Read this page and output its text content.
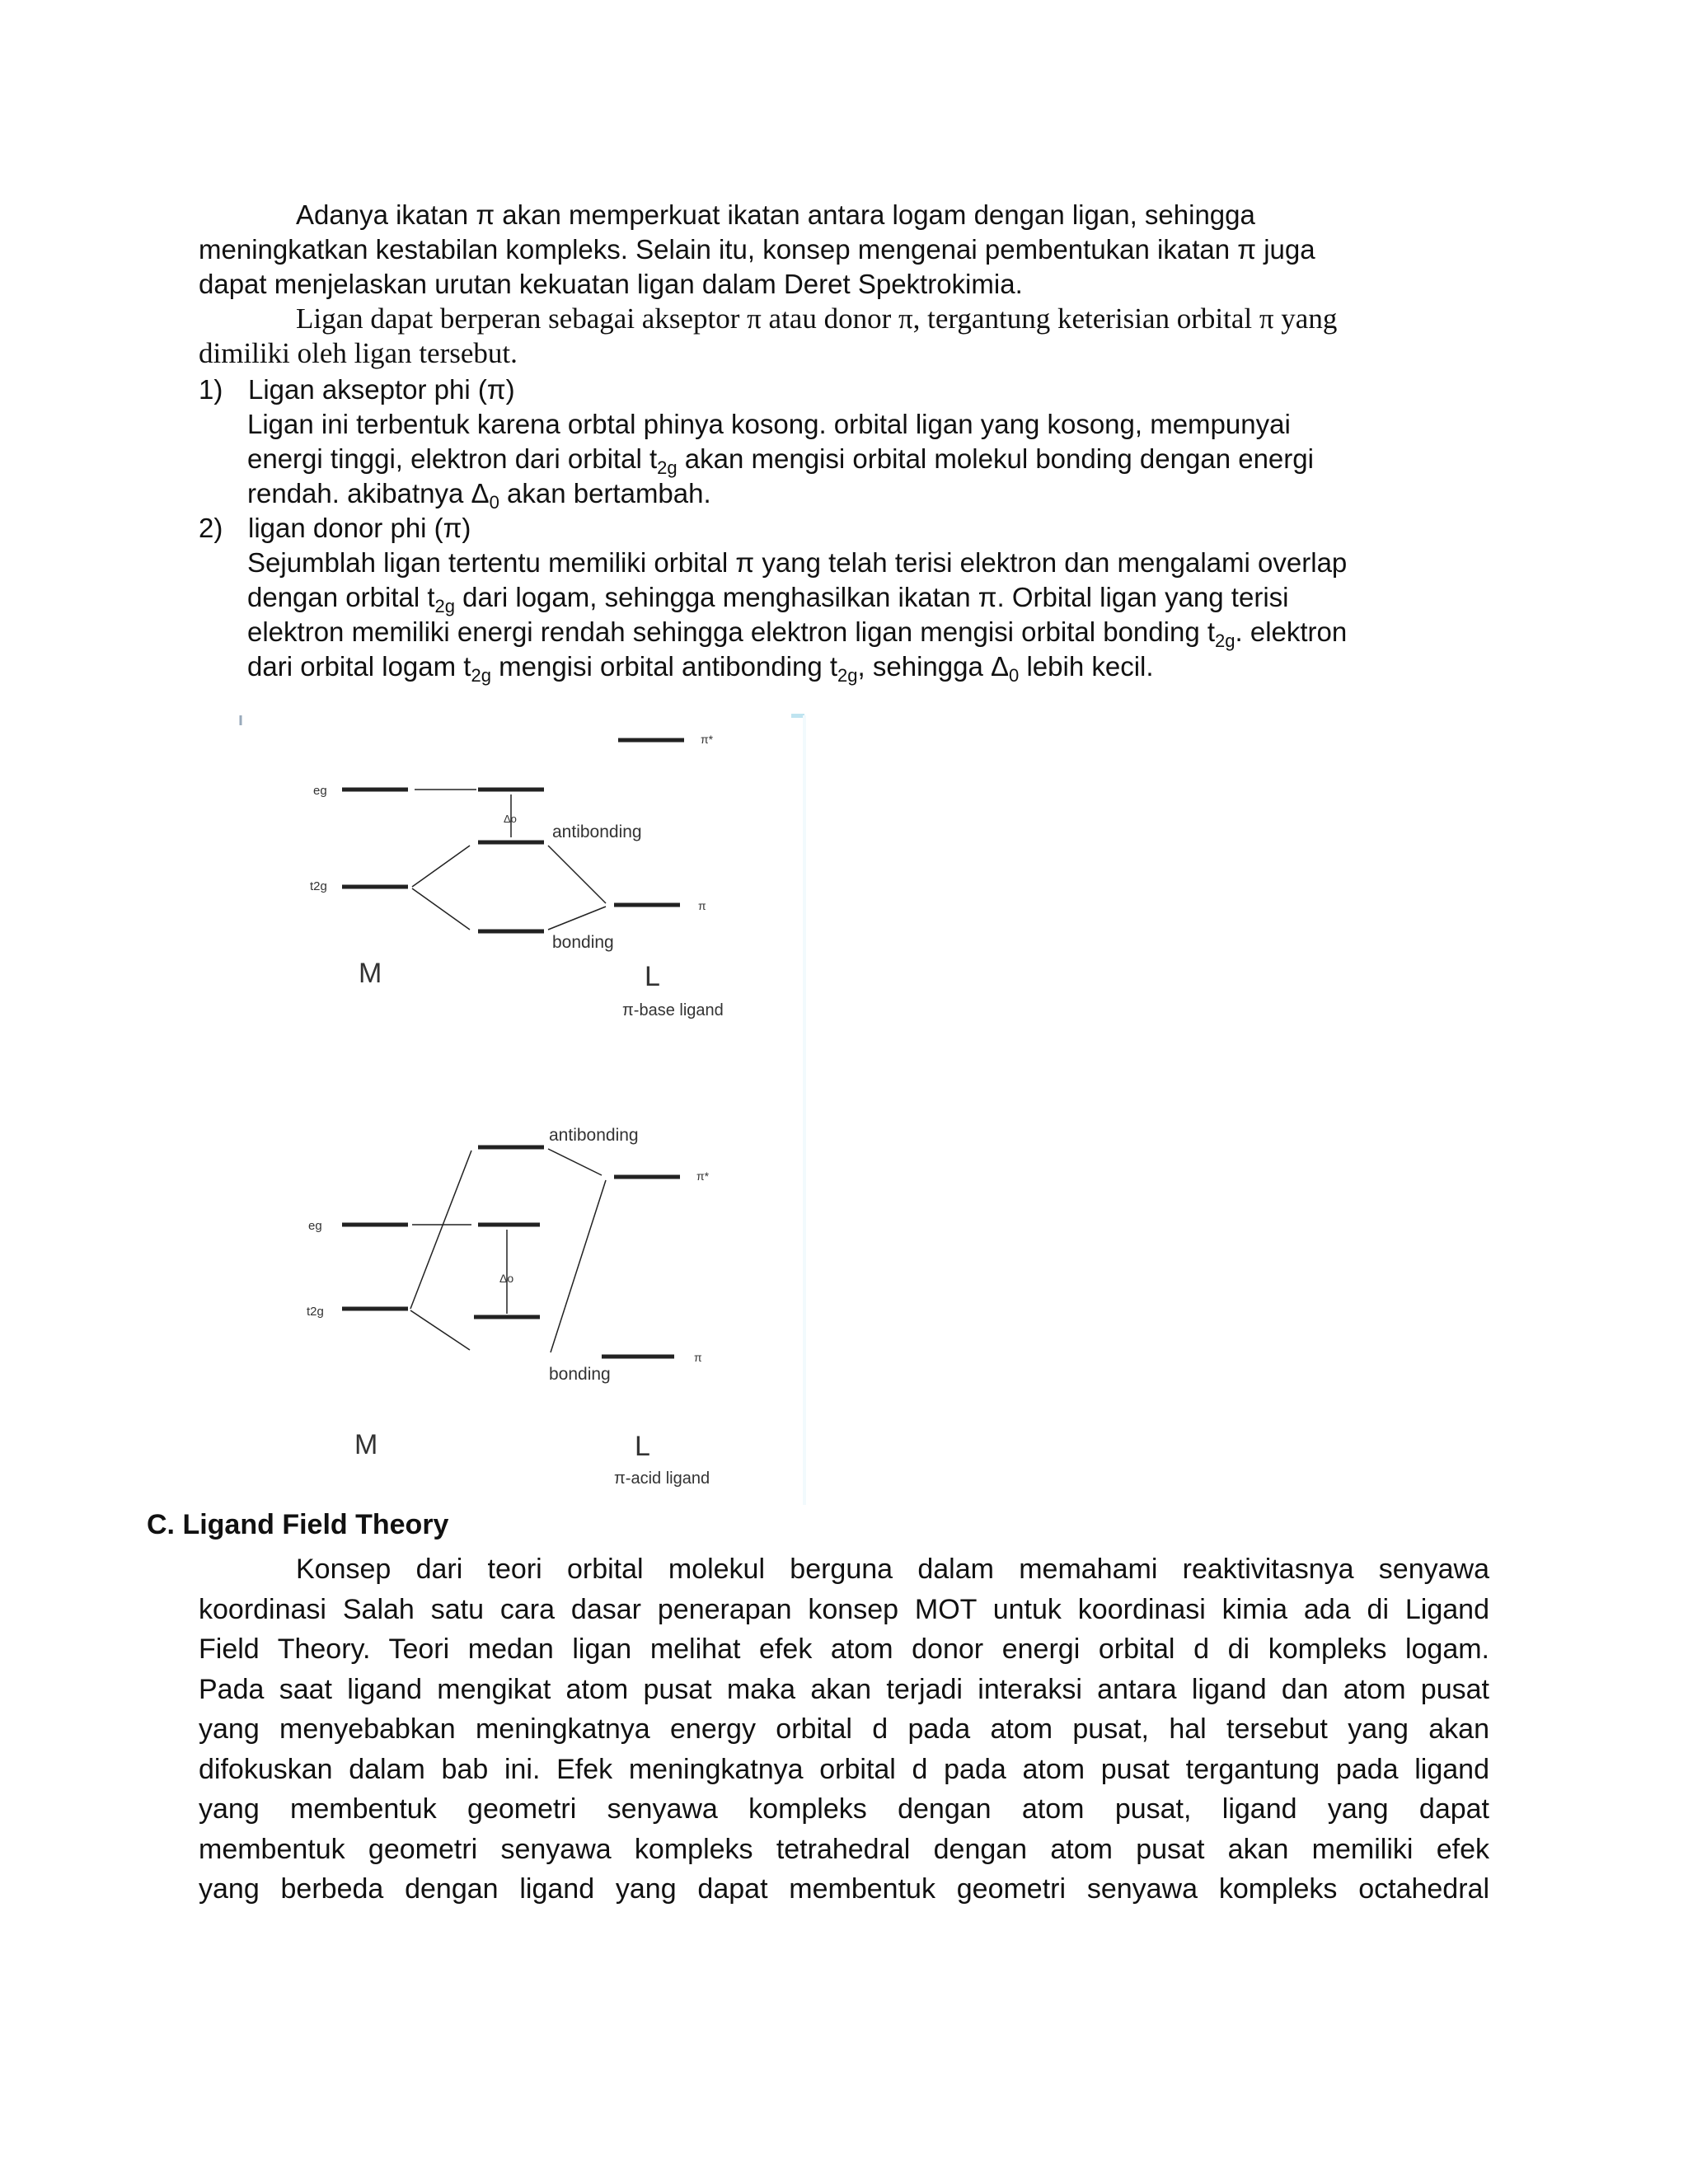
Adanya ikatan π akan memperkuat ikatan antara logam dengan ligan, sehingga
meningkatkan kestabilan kompleks. Selain itu, konsep mengenai pembentukan ikatan π juga
dapat menjelaskan urutan kekuatan ligan dalam Deret Spektrokimia.
Ligan dapat berperan sebagai akseptor π atau donor π, tergantung keterisian orbital π yang
dimiliki oleh ligan tersebut.

1) Ligan akseptor phi (π)

Ligan ini terbentuk karena orbtal phinya kosong. orbital ligan yang kosong, mempunyai

energi tinggi, elektron dari orbital $t_{2g}$ akan mengisi orbital molekul bonding dengan energi

rendah. akibatnya $\Delta_0$ akan bertambah.

2) ligan donor phi (π)

Sejumblah ligan tertentu memiliki orbital π yang telah terisi elektron dan mengalami overlap

dengan orbital $t_{2g}$ dari logam, sehingga menghasilkan ikatan π. Orbital ligan yang terisi

elektron memiliki energi rendah sehingga elektron ligan mengisi orbital bonding $t_{2g}$. elektron

dari orbital logam $t_{2g}$ mengisi orbital antibonding $t_{2g}$, sehingga $\Delta_0$ lebih kecil.

eg
t2g
Δo
antibonding
bonding
π*
π
M	L
π-base ligand
eg
t2g
Δo
antibonding
bonding
π*
π
M	L
π-acid ligand

C. Ligand Field Theory

Konsep dari teori orbital molekul berguna dalam memahami reaktivitasnya senyawa
koordinasi Salah satu cara dasar penerapan konsep MOT untuk koordinasi kimia ada di Ligand
Field Theory. Teori medan ligan melihat efek atom donor energi orbital d di kompleks logam.
Pada saat ligand mengikat atom pusat maka akan terjadi interaksi antara ligand dan atom pusat
yang menyebabkan meningkatnya energy orbital d pada atom pusat, hal tersebut yang akan
difokuskan dalam bab ini. Efek meningkatnya orbital d pada atom pusat tergantung pada ligand
yang membentuk geometri senyawa kompleks dengan atom pusat, ligand yang dapat
membentuk geometri senyawa kompleks tetrahedral dengan atom pusat akan memiliki efek
yang berbeda dengan ligand yang dapat membentuk geometri senyawa kompleks octahedral
